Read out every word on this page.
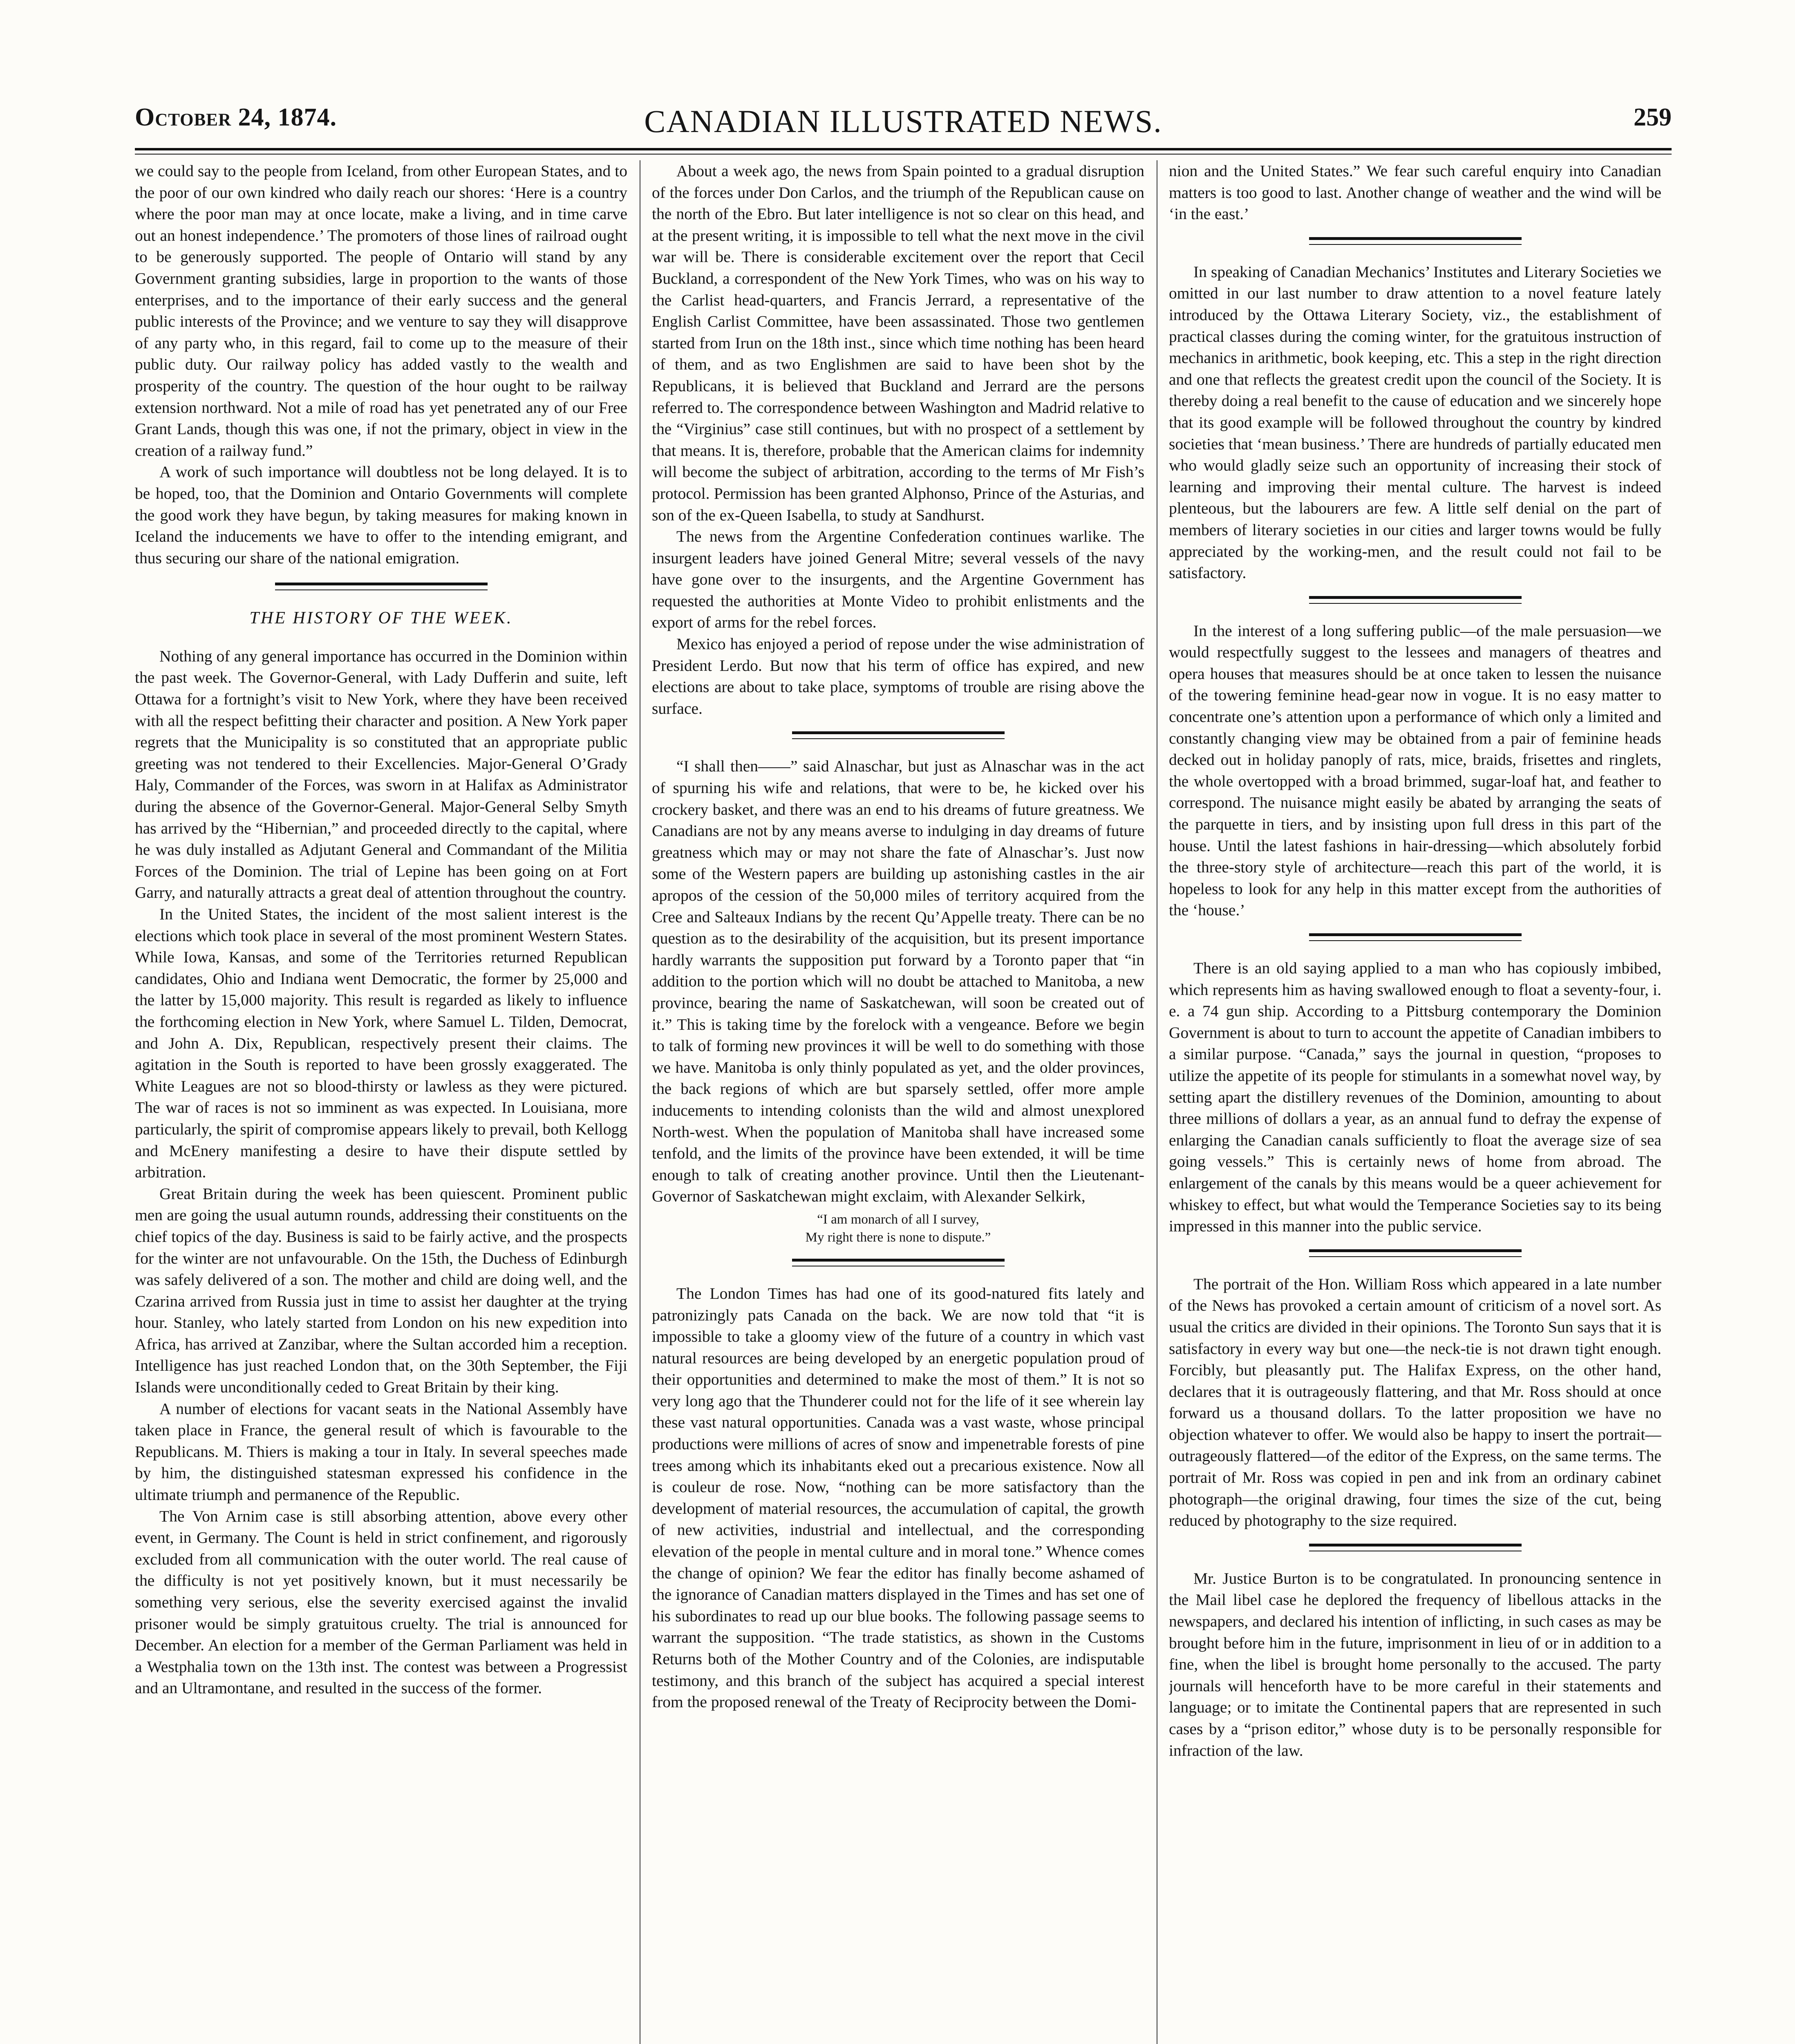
October 24, 1874.	CANADIAN ILLUSTRATED NEWS.	259

we could say to the people from Iceland, from other European States, and to the poor of our own kindred who daily reach our shores: ‘Here is a country where the poor man may at once locate, make a living, and in time carve out an honest independence.’ The promoters of those lines of railroad ought to be generously supported. The people of Ontario will stand by any Government granting subsidies, large in proportion to the wants of those enterprises, and to the importance of their early success and the general public interests of the Province; and we venture to say they will disapprove of any party who, in this regard, fail to come up to the measure of their public duty. Our railway policy has added vastly to the wealth and prosperity of the country. The question of the hour ought to be railway extension northward. Not a mile of road has yet penetrated any of our Free Grant Lands, though this was one, if not the primary, object in view in the creation of a railway fund.”

A work of such importance will doubtless not be long delayed. It is to be hoped, too, that the Dominion and Ontario Governments will complete the good work they have begun, by taking measures for making known in Iceland the inducements we have to offer to the intending emigrant, and thus securing our share of the national emigration.

THE HISTORY OF THE WEEK.

Nothing of any general importance has occurred in the Dominion within the past week. The Governor-General, with Lady Dufferin and suite, left Ottawa for a fortnight’s visit to New York, where they have been received with all the respect befitting their character and position. A New York paper regrets that the Municipality is so constituted that an appropriate public greeting was not tendered to their Excellencies. Major-General O’Grady Haly, Commander of the Forces, was sworn in at Halifax as Administrator during the absence of the Governor-General. Major-General Selby Smyth has arrived by the “Hibernian,” and proceeded directly to the capital, where he was duly installed as Adjutant General and Commandant of the Militia Forces of the Dominion. The trial of Lepine has been going on at Fort Garry, and naturally attracts a great deal of attention throughout the country.

In the United States, the incident of the most salient interest is the elections which took place in several of the most prominent Western States. While Iowa, Kansas, and some of the Territories returned Republican candidates, Ohio and Indiana went Democratic, the former by 25,000 and the latter by 15,000 majority. This result is regarded as likely to influence the forthcoming election in New York, where Samuel L. Tilden, Democrat, and John A. Dix, Republican, respectively present their claims. The agitation in the South is reported to have been grossly exaggerated. The White Leagues are not so blood-thirsty or lawless as they were pictured. The war of races is not so imminent as was expected. In Louisiana, more particularly, the spirit of compromise appears likely to prevail, both Kellogg and McEnery manifesting a desire to have their dispute settled by arbitration.

Great Britain during the week has been quiescent. Prominent public men are going the usual autumn rounds, addressing their constituents on the chief topics of the day. Business is said to be fairly active, and the prospects for the winter are not unfavourable. On the 15th, the Duchess of Edinburgh was safely delivered of a son. The mother and child are doing well, and the Czarina arrived from Russia just in time to assist her daughter at the trying hour. Stanley, who lately started from London on his new expedition into Africa, has arrived at Zanzibar, where the Sultan accorded him a reception. Intelligence has just reached London that, on the 30th September, the Fiji Islands were unconditionally ceded to Great Britain by their king.

A number of elections for vacant seats in the National Assembly have taken place in France, the general result of which is favourable to the Republicans. M. Thiers is making a tour in Italy. In several speeches made by him, the distinguished statesman expressed his confidence in the ultimate triumph and permanence of the Republic.

The Von Arnim case is still absorbing attention, above every other event, in Germany. The Count is held in strict confinement, and rigorously excluded from all communication with the outer world. The real cause of the difficulty is not yet positively known, but it must necessarily be something very serious, else the severity exercised against the invalid prisoner would be simply gratuitous cruelty. The trial is announced for December. An election for a member of the German Parliament was held in a Westphalia town on the 13th inst. The contest was between a Progressist and an Ultramontane, and resulted in the success of the former.

About a week ago, the news from Spain pointed to a gradual disruption of the forces under Don Carlos, and the triumph of the Republican cause on the north of the Ebro. But later intelligence is not so clear on this head, and at the present writing, it is impossible to tell what the next move in the civil war will be. There is considerable excitement over the report that Cecil Buckland, a correspondent of the New York Times, who was on his way to the Carlist head-quarters, and Francis Jerrard, a representative of the English Carlist Committee, have been assassinated. Those two gentlemen started from Irun on the 18th inst., since which time nothing has been heard of them, and as two Englishmen are said to have been shot by the Republicans, it is believed that Buckland and Jerrard are the persons referred to. The correspondence between Washington and Madrid relative to the “Virginius” case still continues, but with no prospect of a settlement by that means. It is, therefore, probable that the American claims for indemnity will become the subject of arbitration, according to the terms of Mr Fish’s protocol. Permission has been granted Alphonso, Prince of the Asturias, and son of the ex-Queen Isabella, to study at Sandhurst.

The news from the Argentine Confederation continues warlike. The insurgent leaders have joined General Mitre; several vessels of the navy have gone over to the insurgents, and the Argentine Government has requested the authorities at Monte Video to prohibit enlistments and the export of arms for the rebel forces.

Mexico has enjoyed a period of repose under the wise administration of President Lerdo. But now that his term of office has expired, and new elections are about to take place, symptoms of trouble are rising above the surface.

“I shall then——” said Alnaschar, but just as Alnaschar was in the act of spurning his wife and relations, that were to be, he kicked over his crockery basket, and there was an end to his dreams of future greatness. We Canadians are not by any means averse to indulging in day dreams of future greatness which may or may not share the fate of Alnaschar’s. Just now some of the Western papers are building up astonishing castles in the air apropos of the cession of the 50,000 miles of territory acquired from the Cree and Salteaux Indians by the recent Qu’Appelle treaty. There can be no question as to the desirability of the acquisition, but its present importance hardly warrants the supposition put forward by a Toronto paper that “in addition to the portion which will no doubt be attached to Manitoba, a new province, bearing the name of Saskatchewan, will soon be created out of it.” This is taking time by the forelock with a vengeance. Before we begin to talk of forming new provinces it will be well to do something with those we have. Manitoba is only thinly populated as yet, and the older provinces, the back regions of which are but sparsely settled, offer more ample inducements to intending colonists than the wild and almost unexplored North-west. When the population of Manitoba shall have increased some tenfold, and the limits of the province have been extended, it will be time enough to talk of creating another province. Until then the Lieutenant-Governor of Saskatchewan might exclaim, with Alexander Selkirk,

“I am monarch of all I survey,
My right there is none to dispute.”

The London Times has had one of its good-natured fits lately and patronizingly pats Canada on the back. We are now told that “it is impossible to take a gloomy view of the future of a country in which vast natural resources are being developed by an energetic population proud of their opportunities and determined to make the most of them.” It is not so very long ago that the Thunderer could not for the life of it see wherein lay these vast natural opportunities. Canada was a vast waste, whose principal productions were millions of acres of snow and impenetrable forests of pine trees among which its inhabitants eked out a precarious existence. Now all is couleur de rose. Now, “nothing can be more satisfactory than the development of material resources, the accumulation of capital, the growth of new activities, industrial and intellectual, and the corresponding elevation of the people in mental culture and in moral tone.” Whence comes the change of opinion? We fear the editor has finally become ashamed of the ignorance of Canadian matters displayed in the Times and has set one of his subordinates to read up our blue books. The following passage seems to warrant the supposition. “The trade statistics, as shown in the Customs Returns both of the Mother Country and of the Colonies, are indisputable testimony, and this branch of the subject has acquired a special interest from the proposed renewal of the Treaty of Reciprocity between the Domi-

nion and the United States.” We fear such careful enquiry into Canadian matters is too good to last. Another change of weather and the wind will be ‘in the east.’

In speaking of Canadian Mechanics’ Institutes and Literary Societies we omitted in our last number to draw attention to a novel feature lately introduced by the Ottawa Literary Society, viz., the establishment of practical classes during the coming winter, for the gratuitous instruction of mechanics in arithmetic, book keeping, etc. This a step in the right direction and one that reflects the greatest credit upon the council of the Society. It is thereby doing a real benefit to the cause of education and we sincerely hope that its good example will be followed throughout the country by kindred societies that ‘mean business.’ There are hundreds of partially educated men who would gladly seize such an opportunity of increasing their stock of learning and improving their mental culture. The harvest is indeed plenteous, but the labourers are few. A little self denial on the part of members of literary societies in our cities and larger towns would be fully appreciated by the working-men, and the result could not fail to be satisfactory.

In the interest of a long suffering public—of the male persuasion—we would respectfully suggest to the lessees and managers of theatres and opera houses that measures should be at once taken to lessen the nuisance of the towering feminine head-gear now in vogue. It is no easy matter to concentrate one’s attention upon a performance of which only a limited and constantly changing view may be obtained from a pair of feminine heads decked out in holiday panoply of rats, mice, braids, frisettes and ringlets, the whole overtopped with a broad brimmed, sugar-loaf hat, and feather to correspond. The nuisance might easily be abated by arranging the seats of the parquette in tiers, and by insisting upon full dress in this part of the house. Until the latest fashions in hair-dressing—which absolutely forbid the three-story style of architecture—reach this part of the world, it is hopeless to look for any help in this matter except from the authorities of the ‘house.’

There is an old saying applied to a man who has copiously imbibed, which represents him as having swallowed enough to float a seventy-four, i. e. a 74 gun ship. According to a Pittsburg contemporary the Dominion Government is about to turn to account the appetite of Canadian imbibers to a similar purpose. “Canada,” says the journal in question, “proposes to utilize the appetite of its people for stimulants in a somewhat novel way, by setting apart the distillery revenues of the Dominion, amounting to about three millions of dollars a year, as an annual fund to defray the expense of enlarging the Canadian canals sufficiently to float the average size of sea going vessels.” This is certainly news of home from abroad. The enlargement of the canals by this means would be a queer achievement for whiskey to effect, but what would the Temperance Societies say to its being impressed in this manner into the public service.

The portrait of the Hon. William Ross which appeared in a late number of the News has provoked a certain amount of criticism of a novel sort. As usual the critics are divided in their opinions. The Toronto Sun says that it is satisfactory in every way but one—the neck-tie is not drawn tight enough. Forcibly, but pleasantly put. The Halifax Express, on the other hand, declares that it is outrageously flattering, and that Mr. Ross should at once forward us a thousand dollars. To the latter proposition we have no objection whatever to offer. We would also be happy to insert the portrait—outrageously flattered—of the editor of the Express, on the same terms. The portrait of Mr. Ross was copied in pen and ink from an ordinary cabinet photograph—the original drawing, four times the size of the cut, being reduced by photography to the size required.

Mr. Justice Burton is to be congratulated. In pronouncing sentence in the Mail libel case he deplored the frequency of libellous attacks in the newspapers, and declared his intention of inflicting, in such cases as may be brought before him in the future, imprisonment in lieu of or in addition to a fine, when the libel is brought home personally to the accused. The party journals will henceforth have to be more careful in their statements and language; or to imitate the Continental papers that are represented in such cases by a “prison editor,” whose duty is to be personally responsible for infraction of the law.
